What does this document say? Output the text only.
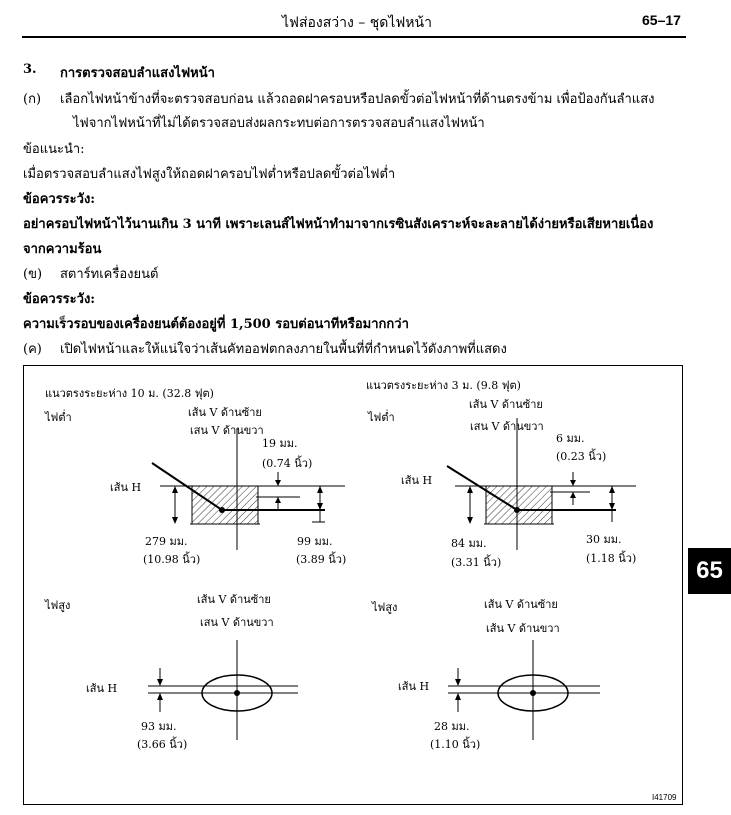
ไฟส่องสว่าง – ชุดไฟหน้า	65–17
3. การตรวจสอบลำแสงไฟหน้า
(ก) เลือกไฟหน้าข้างที่จะตรวจสอบก่อน แล้วถอดฝาครอบหรือปลดขั้วต่อไฟหน้าที่ด้านตรงข้าม เพื่อป้องกันลำแสง
ไฟจากไฟหน้าที่ไม่ได้ตรวจสอบส่งผลกระทบต่อการตรวจสอบลำแสงไฟหน้า
ข้อแนะนำ:
เมื่อตรวจสอบลำแสงไฟสูงให้ถอดฝาครอบไฟต่ำหรือปลดขั้วต่อไฟต่ำ
ข้อควรระวัง:
อย่าครอบไฟหน้าไว้นานเกิน 3 นาที เพราะเลนส์ไฟหน้าทำมาจากเรซินสังเคราะห์จะละลายได้ง่ายหรือเสียหายเนื่อง
จากความร้อน
(ข) สตาร์ทเครื่องยนต์
ข้อควรระวัง:
ความเร็วรอบของเครื่องยนต์ต้องอยู่ที่ 1,500 รอบต่อนาทีหรือมากกว่า
(ค) เปิดไฟหน้าและให้แน่ใจว่าเส้นคัทออฟตกลงภายในพื้นที่ที่กำหนดไว้ดังภาพที่แสดง
65
แนวตรงระยะห่าง 10 ม. (32.8 ฟุต)
แนวตรงระยะห่าง 3 ม. (9.8 ฟุต)
ไฟต่ำ	ไฟต่ำ
เส้น V ด้านซ้าย
เสน V ด้านขวา
เส้น V ด้านซ้าย
เสน V ด้านขวา
19 มม.
(0.74 นิ้ว)
6 มม.
(0.23 นิ้ว)
เส้น H
เส้น H
279 มม.
(10.98 นิ้ว)
99 มม.
(3.89 นิ้ว)
84 มม.
(3.31 นิ้ว)
30 มม.
(1.18 นิ้ว)
ไฟสูง	ไฟสูง
เส้น V ด้านซ้าย
เสน V ด้านขวา
เส้น V ด้านซ้าย
เส้น V ด้านขวา
เส้น H	เส้น H
93 มม.
(3.66 นิ้ว)
28 มม.
(1.10 นิ้ว)
I41709
